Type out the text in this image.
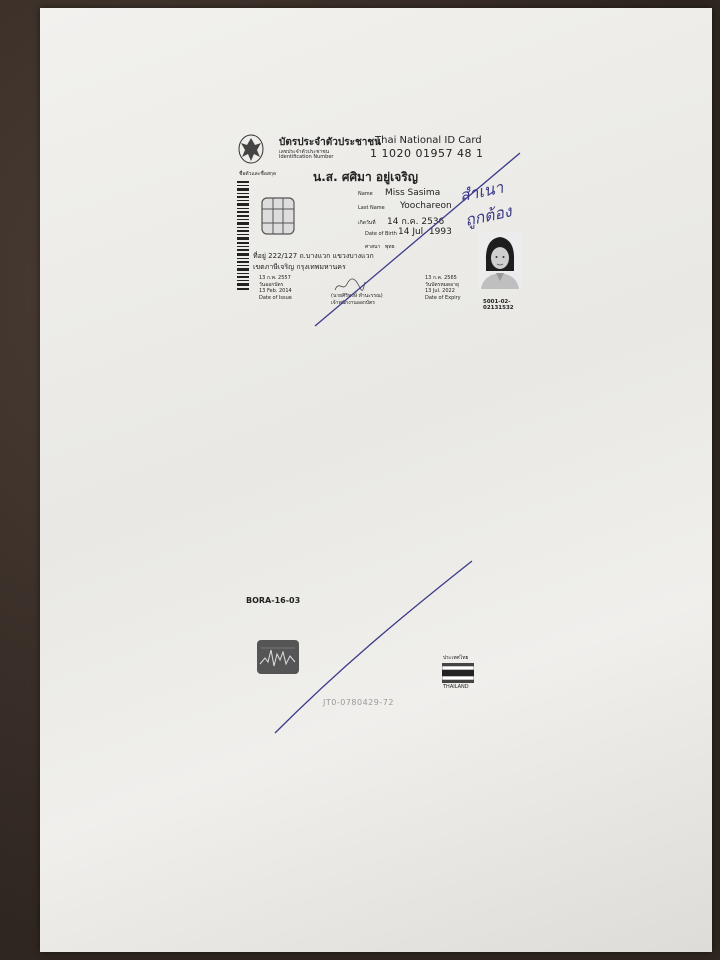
บัตรประจำตัวประชาชน
Thai National ID Card
เลขประจำตัวประชาชน
Identification Number	1 1020 01957 48 1
ชื่อตัวและชื่อสกุล	น.ส. ศศิมา อยู่เจริญ
Name Miss Sasima
Last Name Yoochareon
เกิดวันที่ 14 ก.ค. 2536
Date of Birth 14 Jul. 1993
ศาสนา พุทธ
ที่อยู่ 222/127 ถ.บางแวก แขวงบางแวก
เขตภาษีเจริญ กรุงเทพมหานคร
13 ก.พ. 2557
วันออกบัตร
13 Feb. 2014
Date of Issue	(นายศิริพงษ์ ทำนะรรณ)
เจ้าพนักงานออกบัตร
13 ก.ค. 2565
วันบัตรหมดอายุ
13 Jul. 2022
Date of Expiry
5001-02-02131532
สำเนาถูกต้อง
BORA-16-03
ประเทศไทย
THAILAND
JT0-0780429-72
